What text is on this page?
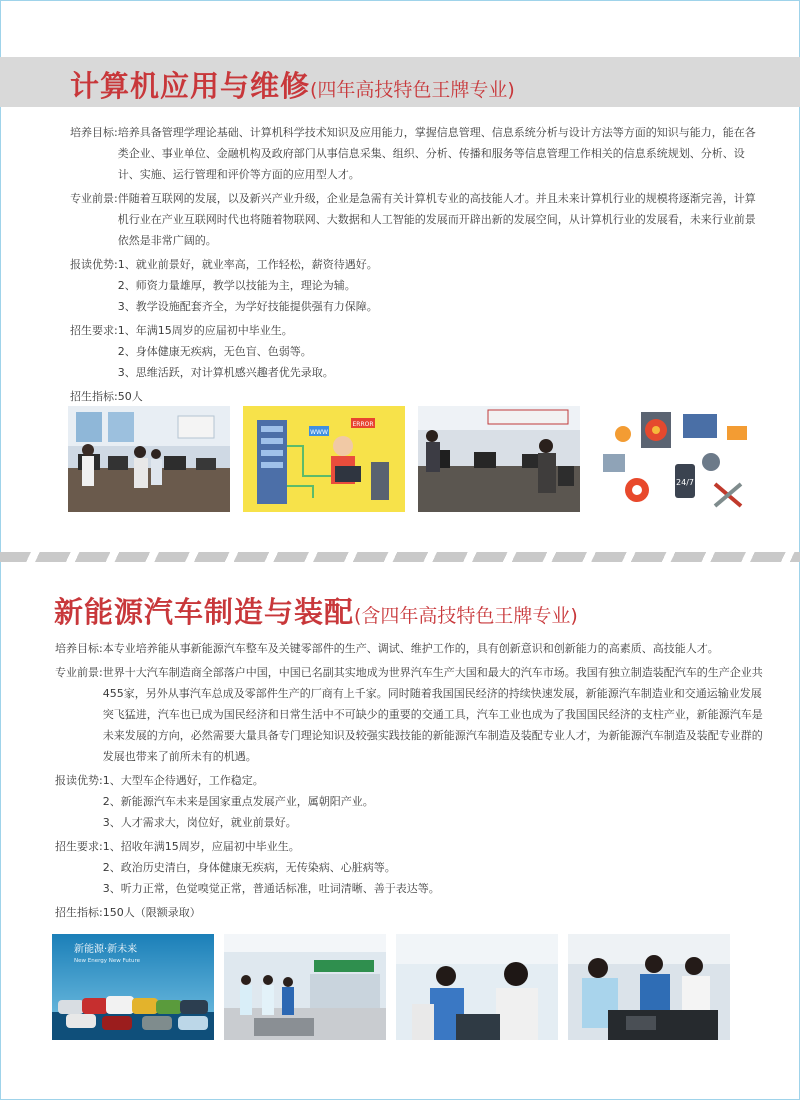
计算机应用与维修(四年高技特色王牌专业)
培养目标: 培养具备管理学理论基础、计算机科学技术知识及应用能力，掌握信息管理、信息系统分析与设计方法等方面的知识与能力，能在各类企业、事业单位、金融机构及政府部门从事信息采集、组织、分析、传播和服务等信息管理工作相关的信息系统规划、分析、设计、实施、运行管理和评价等方面的应用型人才。
专业前景: 伴随着互联网的发展，以及新兴产业升级，企业是急需有关计算机专业的高技能人才。并且未来计算机行业的规模将逐渐完善，计算机行业在产业互联网时代也将随着物联网、大数据和人工智能的发展而开辟出新的发展空间，从计算机行业的发展看，未来行业前景依然是非常广阔的。
报读优势: 1、就业前景好，就业率高，工作轻松，薪资待遇好。
2、师资力量雄厚，教学以技能为主，理论为辅。
3、教学设施配套齐全，为学好技能提供强有力保障。
招生要求: 1、年满15周岁的应届初中毕业生。
2、身体健康无疾病，无色盲、色弱等。
3、思维活跃，对计算机感兴趣者优先录取。
招生指标: 50人
WWW
ERROR
24/7
新能源汽车制造与装配(含四年高技特色王牌专业)
培养目标: 本专业培养能从事新能源汽车整车及关键零部件的生产、调试、维护工作的，具有创新意识和创新能力的高素质、高技能人才。
专业前景: 世界十大汽车制造商全部落户中国，中国已名副其实地成为世界汽车生产大国和最大的汽车市场。我国有独立制造装配汽车的生产企业共455家，另外从事汽车总成及零部件生产的厂商有上千家。同时随着我国国民经济的持续快速发展，新能源汽车制造业和交通运输业发展突飞猛进，汽车也已成为国民经济和日常生活中不可缺少的重要的交通工具，汽车工业也成为了我国国民经济的支柱产业，新能源汽车是未来发展的方向，必然需要大量具备专门理论知识及较强实践技能的新能源汽车制造及装配专业人才，为新能源汽车制造及装配专业群的发展也带来了前所未有的机遇。
报读优势: 1、大型车企待遇好，工作稳定。
2、新能源汽车未来是国家重点发展产业，属朝阳产业。
3、人才需求大，岗位好，就业前景好。
招生要求: 1、招收年满15周岁，应届初中毕业生。
2、政治历史清白，身体健康无疾病，无传染病、心脏病等。
3、听力正常，色觉嗅觉正常，普通话标准，吐词清晰、善于表达等。
招生指标: 150人（限额录取）
新能源·新未来
New Energy New Future
